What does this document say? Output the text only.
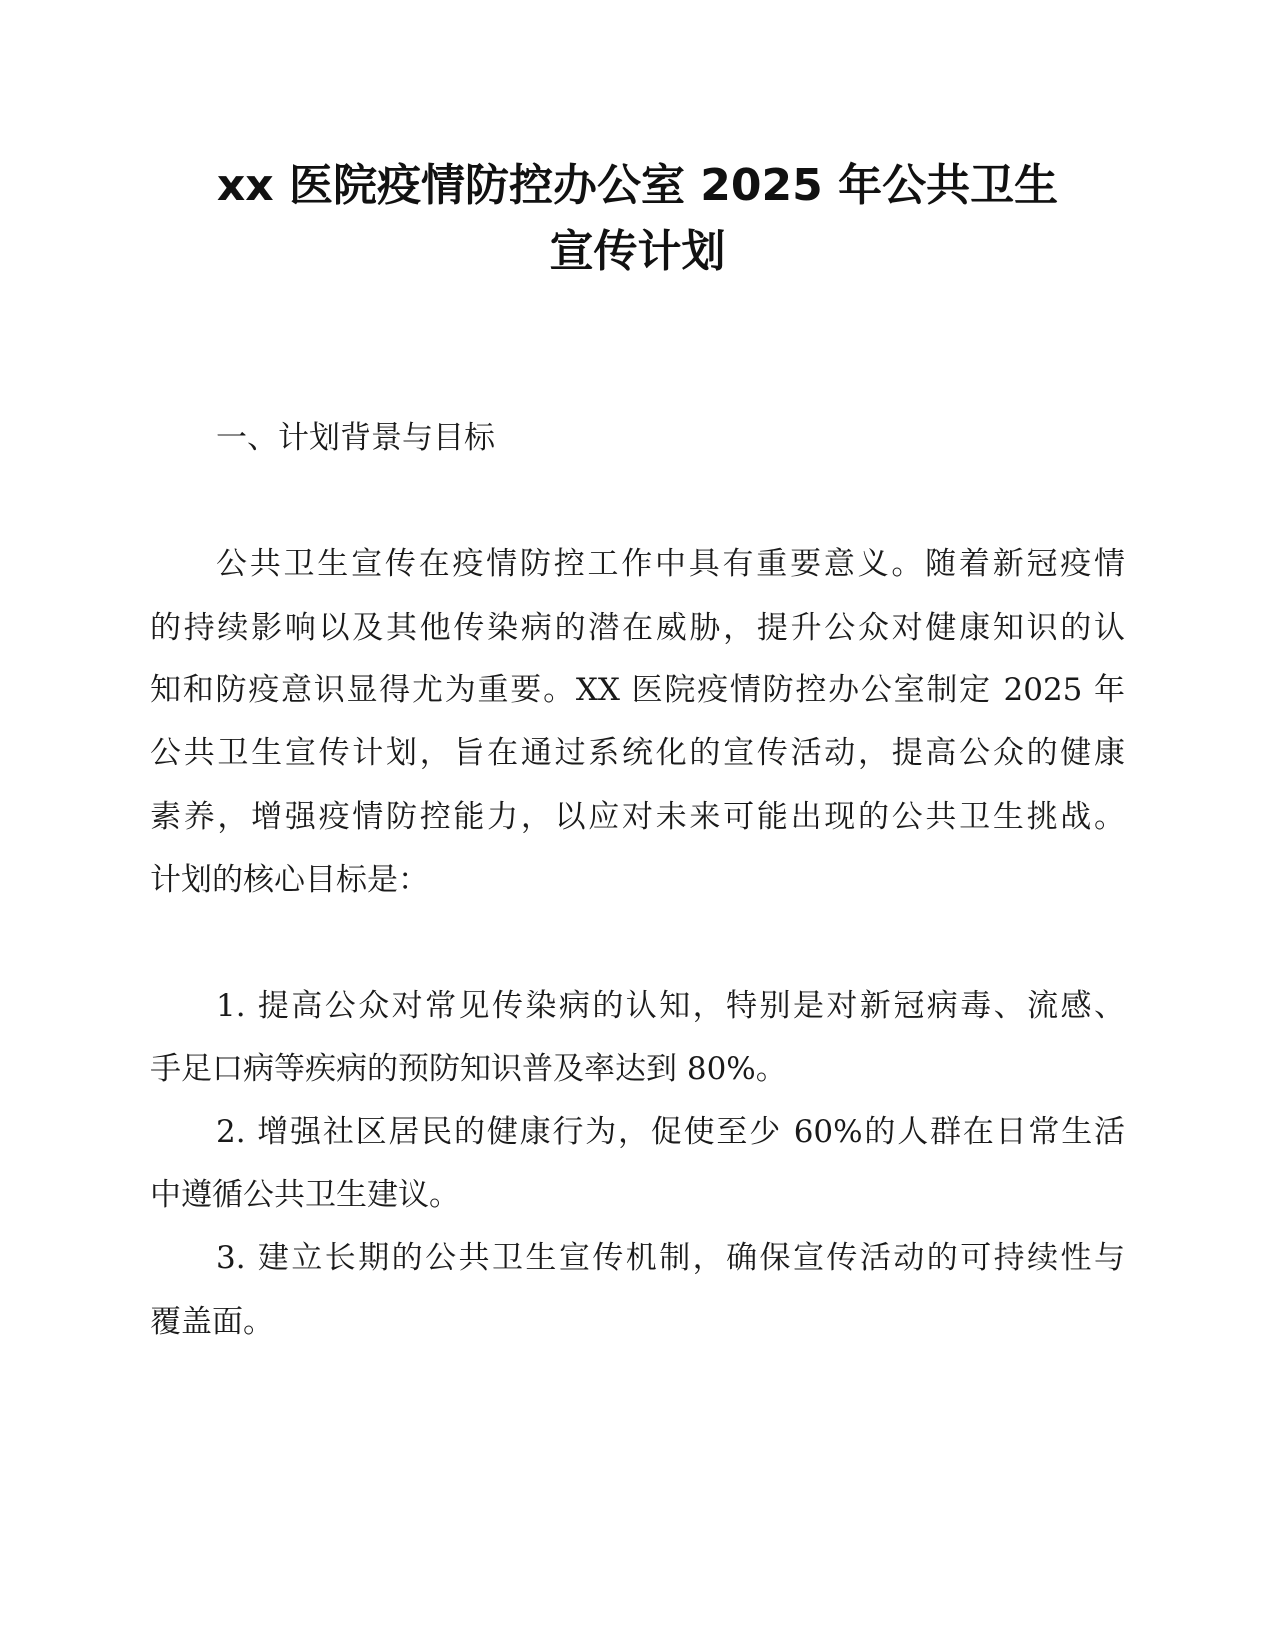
xx 医院疫情防控办公室 2025 年公共卫生
宣传计划
一、计划背景与目标
公共卫生宣传在疫情防控工作中具有重要意义。随着新冠疫情
的持续影响以及其他传染病的潜在威胁，提升公众对健康知识的认
知和防疫意识显得尤为重要。XX 医院疫情防控办公室制定 2025 年
公共卫生宣传计划，旨在通过系统化的宣传活动，提高公众的健康
素养，增强疫情防控能力，以应对未来可能出现的公共卫生挑战。
计划的核心目标是：
1. 提高公众对常见传染病的认知，特别是对新冠病毒、流感、
手足口病等疾病的预防知识普及率达到 80%。
2. 增强社区居民的健康行为，促使至少 60%的人群在日常生活
中遵循公共卫生建议。
3. 建立长期的公共卫生宣传机制，确保宣传活动的可持续性与
覆盖面。
